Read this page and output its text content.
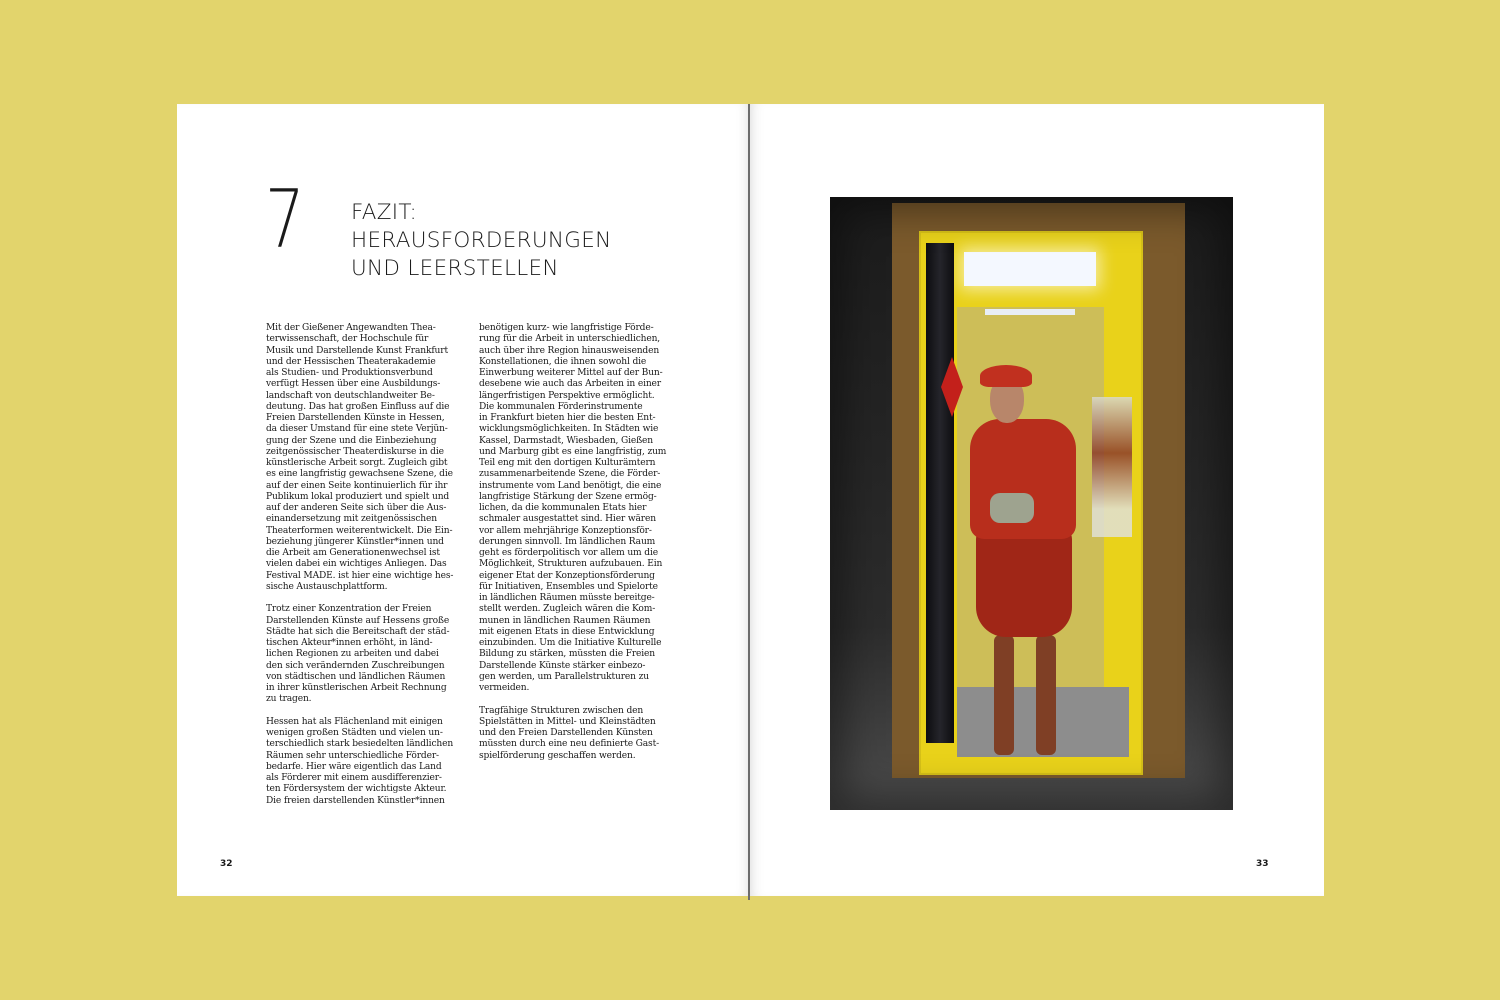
7 FAZIT:
HERAUSFORDERUNGEN
UND LEERSTELLEN

Mit der Gießener Angewandten Thea-
terwissenschaft, der Hochschule für
Musik und Darstellende Kunst Frankfurt
und der Hessischen Theaterakademie
als Studien- und Produktionsverbund
verfügt Hessen über eine Ausbildungs-
landschaft von deutschlandweiter Be-
deutung. Das hat großen Einfluss auf die
Freien Darstellenden Künste in Hessen,
da dieser Umstand für eine stete Verjün-
gung der Szene und die Einbeziehung
zeitgenössischer Theaterdiskurse in die
künstlerische Arbeit sorgt. Zugleich gibt
es eine langfristig gewachsene Szene, die
auf der einen Seite kontinuierlich für ihr
Publikum lokal produziert und spielt und
auf der anderen Seite sich über die Aus-
einandersetzung mit zeitgenössischen
Theaterformen weiterentwickelt. Die Ein-
beziehung jüngerer Künstler*innen und
die Arbeit am Generationenwechsel ist
vielen dabei ein wichtiges Anliegen. Das
Festival MADE. ist hier eine wichtige hes-
sische Austauschplattform.

Trotz einer Konzentration der Freien
Darstellenden Künste auf Hessens große
Städte hat sich die Bereitschaft der städ-
tischen Akteur*innen erhöht, in länd-
lichen Regionen zu arbeiten und dabei
den sich verändernden Zuschreibungen
von städtischen und ländlichen Räumen
in ihrer künstlerischen Arbeit Rechnung
zu tragen.

Hessen hat als Flächenland mit einigen
wenigen großen Städten und vielen un-
terschiedlich stark besiedelten ländlichen
Räumen sehr unterschiedliche Förder-
bedarfe. Hier wäre eigentlich das Land
als Förderer mit einem ausdifferenzier-
ten Fördersystem der wichtigste Akteur.
Die freien darstellenden Künstler*innen

benötigen kurz- wie langfristige Förde-
rung für die Arbeit in unterschiedlichen,
auch über ihre Region hinausweisenden
Konstellationen, die ihnen sowohl die
Einwerbung weiterer Mittel auf der Bun-
desebene wie auch das Arbeiten in einer
längerfristigen Perspektive ermöglicht.
Die kommunalen Förderinstrumente
in Frankfurt bieten hier die besten Ent-
wicklungsmöglichkeiten. In Städten wie
Kassel, Darmstadt, Wiesbaden, Gießen
und Marburg gibt es eine langfristig, zum
Teil eng mit den dortigen Kulturämtern
zusammenarbeitende Szene, die Förder-
instrumente vom Land benötigt, die eine
langfristige Stärkung der Szene ermög-
lichen, da die kommunalen Etats hier
schmaler ausgestattet sind. Hier wären
vor allem mehrjährige Konzeptionsför-
derungen sinnvoll. Im ländlichen Raum
geht es förderpolitisch vor allem um die
Möglichkeit, Strukturen aufzubauen. Ein
eigener Etat der Konzeptionsförderung
für Initiativen, Ensembles und Spielorte
in ländlichen Räumen müsste bereitge-
stellt werden. Zugleich wären die Kom-
munen in ländlichen Raumen Räumen
mit eigenen Etats in diese Entwicklung
einzubinden. Um die Initiative Kulturelle
Bildung zu stärken, müssten die Freien
Darstellende Künste stärker einbezo-
gen werden, um Parallelstrukturen zu
vermeiden.

Tragfähige Strukturen zwischen den
Spielstätten in Mittel- und Kleinstädten
und den Freien Darstellenden Künsten
müssten durch eine neu definierte Gast-
spielförderung geschaffen werden.

32	33
